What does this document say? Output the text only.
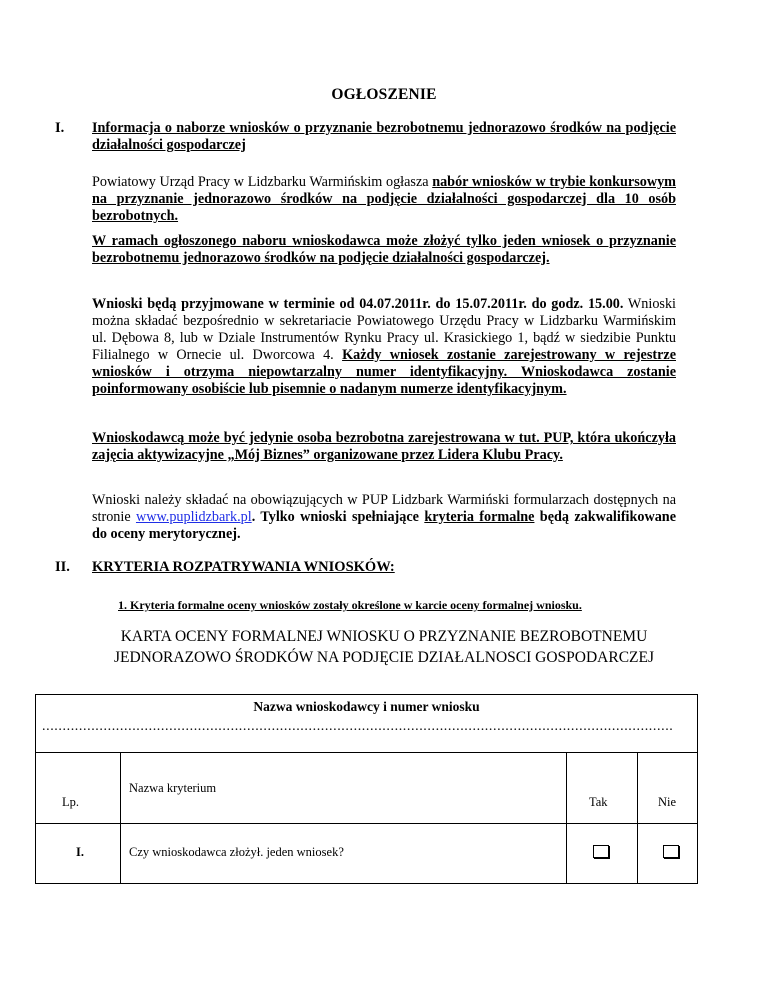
OGŁOSZENIE
I. Informacja o naborze wniosków o przyznanie bezrobotnemu jednorazowo środków na podjęcie działalności gospodarczej
Powiatowy Urząd Pracy w Lidzbarku Warmińskim ogłasza nabór wniosków w trybie konkursowym na przyznanie jednorazowo środków na podjęcie działalności gospodarczej dla 10 osób bezrobotnych.
W ramach ogłoszonego naboru wnioskodawca może złożyć tylko jeden wniosek o przyznanie bezrobotnemu jednorazowo środków na podjęcie działalności gospodarczej.
Wnioski będą przyjmowane w terminie od 04.07.2011r. do 15.07.2011r. do godz. 15.00. Wnioski można składać bezpośrednio w sekretariacie Powiatowego Urzędu Pracy w Lidzbarku Warmińskim ul. Dębowa 8, lub w Dziale Instrumentów Rynku Pracy ul. Krasickiego 1, bądź w siedzibie Punktu Filialnego w Ornecie ul. Dworcowa 4. Każdy wniosek zostanie zarejestrowany w rejestrze wniosków i otrzyma niepowtarzalny numer identyfikacyjny. Wnioskodawca zostanie poinformowany osobiście lub pisemnie o nadanym numerze identyfikacyjnym.
Wnioskodawcą może być jedynie osoba bezrobotna zarejestrowana w tut. PUP, która ukończyła zajęcia aktywizacyjne „Mój Biznes” organizowane przez Lidera Klubu Pracy.
Wnioski należy składać na obowiązujących w PUP Lidzbark Warmiński formularzach dostępnych na stronie www.puplidzbark.pl. Tylko wnioski spełniające kryteria formalne będą zakwalifikowane do oceny merytorycznej.
II. KRYTERIA ROZPATRYWANIA WNIOSKÓW:
1. Kryteria formalne oceny wniosków zostały określone w karcie oceny formalnej wniosku.
KARTA OCENY FORMALNEJ WNIOSKU O PRZYZNANIE BEZROBOTNEMU
JEDNORAZOWO ŚRODKÓW NA PODJĘCIE DZIAŁALNOSCI GOSPODARCZEJ
Nazwa wnioskodawcy i numer wniosku
..........................................................................................................................................................
Lp.
Nazwa kryterium
Tak	Nie
I.	Czy wnioskodawca złożył. jeden wniosek?
